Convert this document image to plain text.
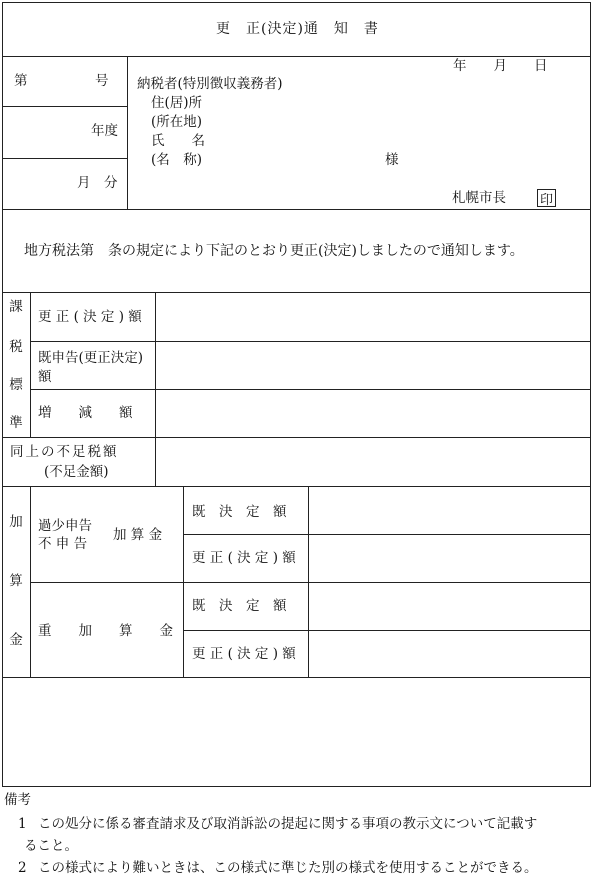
更　正(決定)通　知　書
第　　　　　号
年度
月　分
年　　月　　日
納税者(特別徴収義務者)
住(居)所
(所在地)
氏　　名
(名　称)	様
札幌市長	印
地方税法第　条の規定により下記のとおり更正(決定)しましたので通知します。
課
税
標
準
更 正 ( 決 定 ) 額
既申告(更正決定)額
増　　減　　額
同上の不足税額
(不足金額)
加
算
金
過少申告
不 申 告
加 算 金
重　　加　　算　　金
既　決　定　額
更 正 ( 決 定 ) 額
既　決　定　額
更 正 ( 決 定 ) 額
備考
1 この処分に係る審査請求及び取消訴訟の提起に関する事項の教示文について記載す
ること。
2 この様式により難いときは、この様式に準じた別の様式を使用することができる。
